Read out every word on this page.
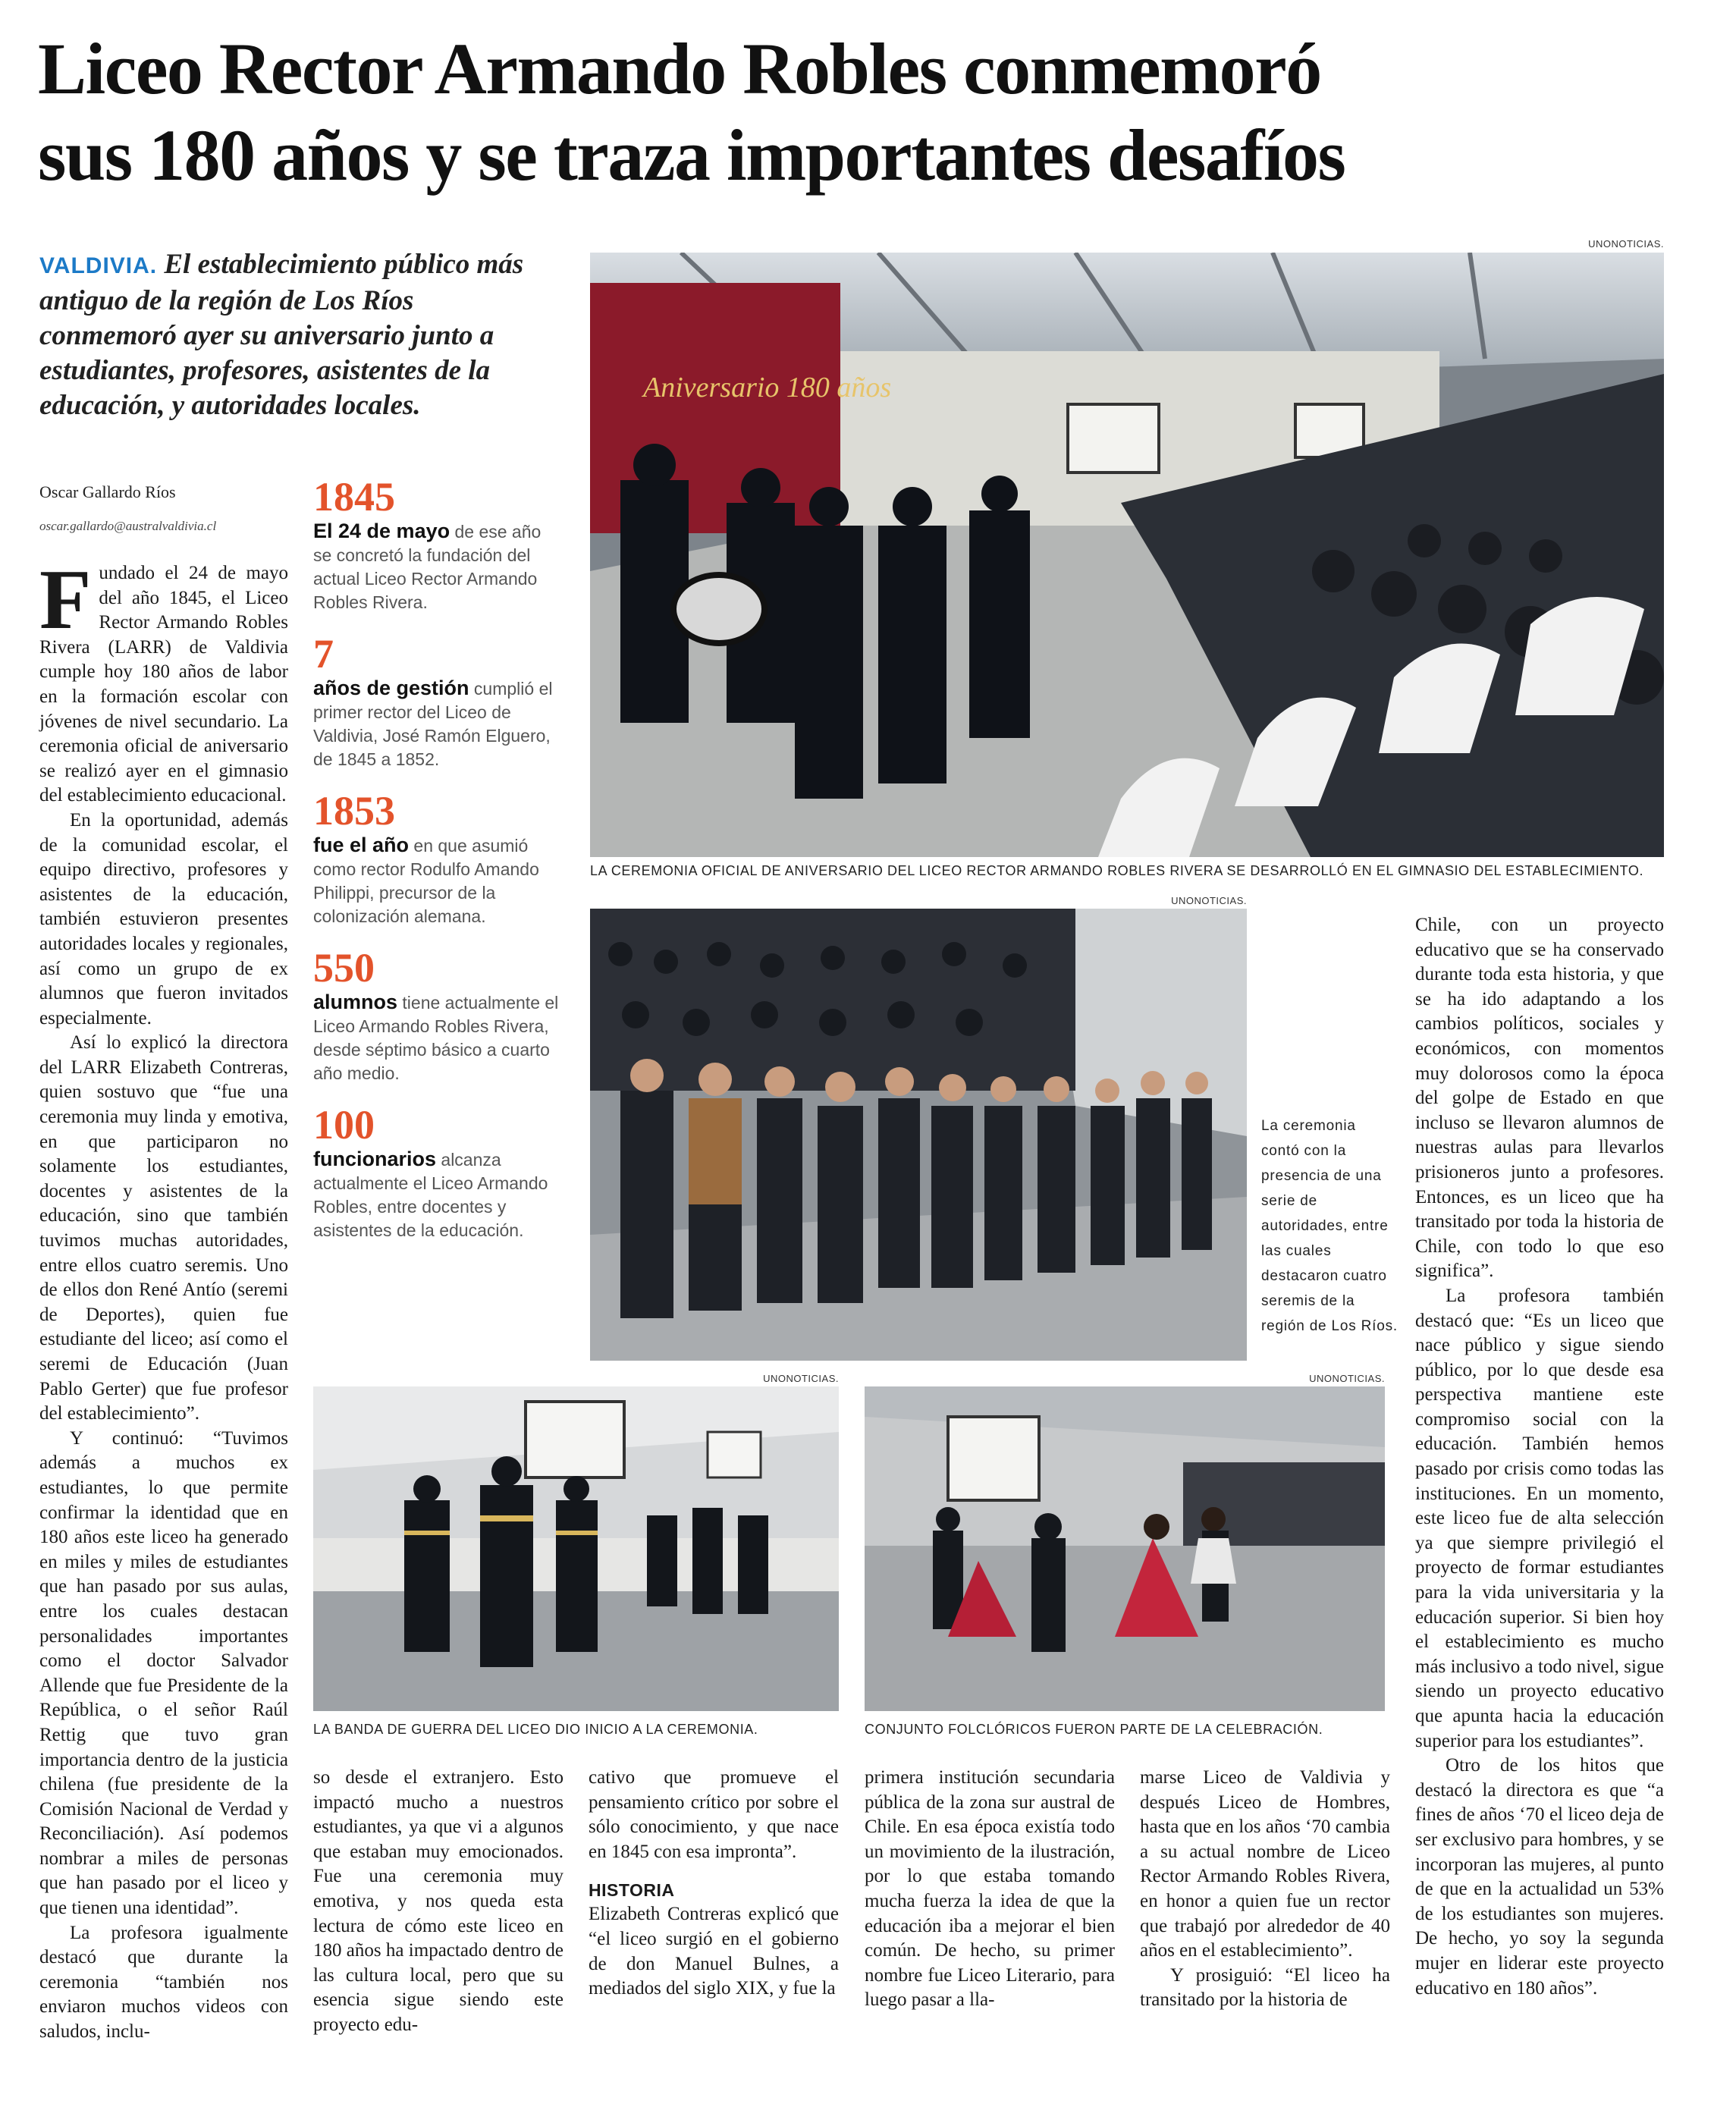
Liceo Rector Armando Robles conmemoró
sus 180 años y se traza importantes desafíos
VALDIVIA. El establecimiento público más antiguo de la región de Los Ríos conmemoró ayer su aniversario junto a estudiantes, profesores, asistentes de la educación, y autoridades locales.
Oscar Gallardo Ríos
oscar.gallardo@australvaldivia.cl
1845
El 24 de mayo de ese año se concretó la fundación del actual Liceo Rector Armando Robles Rivera.
7
años de gestión cumplió el primer rector del Liceo de Valdivia, José Ramón Elguero, de 1845 a 1852.
1853
fue el año en que asumió como rector Rodulfo Amando Philippi, precursor de la colonización alemana.
550
alumnos tiene actualmente el Liceo Armando Robles Rivera, desde séptimo básico a cuarto año medio.
100
funcionarios alcanza actualmente el Liceo Armando Robles, entre docentes y asistentes de la educación.

Fundado el 24 de mayo del año 1845, el Liceo Rector Armando Robles Rivera (LARR) de Valdivia cumple hoy 180 años de labor en la formación escolar con jóvenes de nivel secundario. La ceremonia oficial de aniversario se realizó ayer en el gimnasio del establecimiento educacional.

En la oportunidad, además de la comunidad escolar, el equipo directivo, profesores y asistentes de la educación, también estuvieron presentes autoridades locales y regionales, así como un grupo de ex alumnos que fueron invitados especialmente.

Así lo explicó la directora del LARR Elizabeth Contreras, quien sostuvo que “fue una ceremonia muy linda y emotiva, en que participaron no solamente los estudiantes, docentes y asistentes de la educación, sino que también tuvimos muchas autoridades, entre ellos cuatro seremis. Uno de ellos don René Antío (seremi de Deportes), quien fue estudiante del liceo; así como el seremi de Educación (Juan Pablo Gerter) que fue profesor del establecimiento”.

Y continuó: “Tuvimos además a muchos ex estudiantes, lo que permite confirmar la identidad que en 180 años este liceo ha generado en miles y miles de estudiantes que han pasado por sus aulas, entre los cuales destacan personalidades importantes como el doctor Salvador Allende que fue Presidente de la República, o el señor Raúl Rettig que tuvo gran importancia dentro de la justicia chilena (fue presidente de la Comisión Nacional de Verdad y Reconciliación). Así podemos nombrar a miles de personas que han pasado por el liceo y que tienen una identidad”.

La profesora igualmente destacó que durante la ceremonia “también nos enviaron muchos videos con saludos, inclu-

so desde el extranjero. Esto impactó mucho a nuestros estudiantes, ya que vi a algunos que estaban muy emocionados. Fue una ceremonia muy emotiva, y nos queda esta lectura de cómo este liceo en 180 años ha impactado dentro de las cultura local, pero que su esencia sigue siendo este proyecto edu-

cativo que promueve el pensamiento crítico por sobre el sólo conocimiento, y que nace en 1845 con esa impronta”.

HISTORIA

Elizabeth Contreras explicó que “el liceo surgió en el gobierno de don Manuel Bulnes, a mediados del siglo XIX, y fue la

primera institución secundaria pública de la zona sur austral de Chile. En esa época existía todo un movimiento de la ilustración, por lo que estaba tomando mucha fuerza la idea de que la educación iba a mejorar el bien común. De hecho, su primer nombre fue Liceo Literario, para luego pasar a lla-

marse Liceo de Valdivia y después Liceo de Hombres, hasta que en los años ‘70 cambia a su actual nombre de Liceo Rector Armando Robles Rivera, en honor a quien fue un rector que trabajó por alrededor de 40 años en el establecimiento”.

Y prosiguió: “El liceo ha transitado por la historia de

Chile, con un proyecto educativo que se ha conservado durante toda esta historia, y que se ha ido adaptando a los cambios políticos, sociales y económicos, con momentos muy dolorosos como la época del golpe de Estado en que incluso se llevaron alumnos de nuestras aulas para llevarlos prisioneros junto a profesores. Entonces, es un liceo que ha transitado por toda la historia de Chile, con todo lo que eso significa”.

La profesora también destacó que: “Es un liceo que nace público y sigue siendo público, por lo que desde esa perspectiva mantiene este compromiso social con la educación. También hemos pasado por crisis como todas las instituciones. En un momento, este liceo fue de alta selección ya que siempre privilegió el proyecto de formar estudiantes para la vida universitaria y la educación superior. Si bien hoy el establecimiento es mucho más inclusivo a todo nivel, sigue siendo un proyecto educativo que apunta hacia la educación superior para los estudiantes”.

Otro de los hitos que destacó la directora es que “a fines de años ‘70 el liceo deja de ser exclusivo para hombres, y se incorporan las mujeres, al punto de que en la actualidad un 53% de los estudiantes son mujeres. De hecho, yo soy la segunda mujer en liderar este proyecto educativo en 180 años”.

UNONOTICIAS.
Aniversario 180 años
LA CEREMONIA OFICIAL DE ANIVERSARIO DEL LICEO RECTOR ARMANDO ROBLES RIVERA SE DESARROLLÓ EN EL GIMNASIO DEL ESTABLECIMIENTO.
UNONOTICIAS.
La ceremonia contó con la presencia de una serie de autoridades, entre las cuales destacaron cuatro seremis de la región de Los Ríos.
UNONOTICIAS.
LA BANDA DE GUERRA DEL LICEO DIO INICIO A LA CEREMONIA.
UNONOTICIAS.
CONJUNTO FOLCLÓRICOS FUERON PARTE DE LA CELEBRACIÓN.
